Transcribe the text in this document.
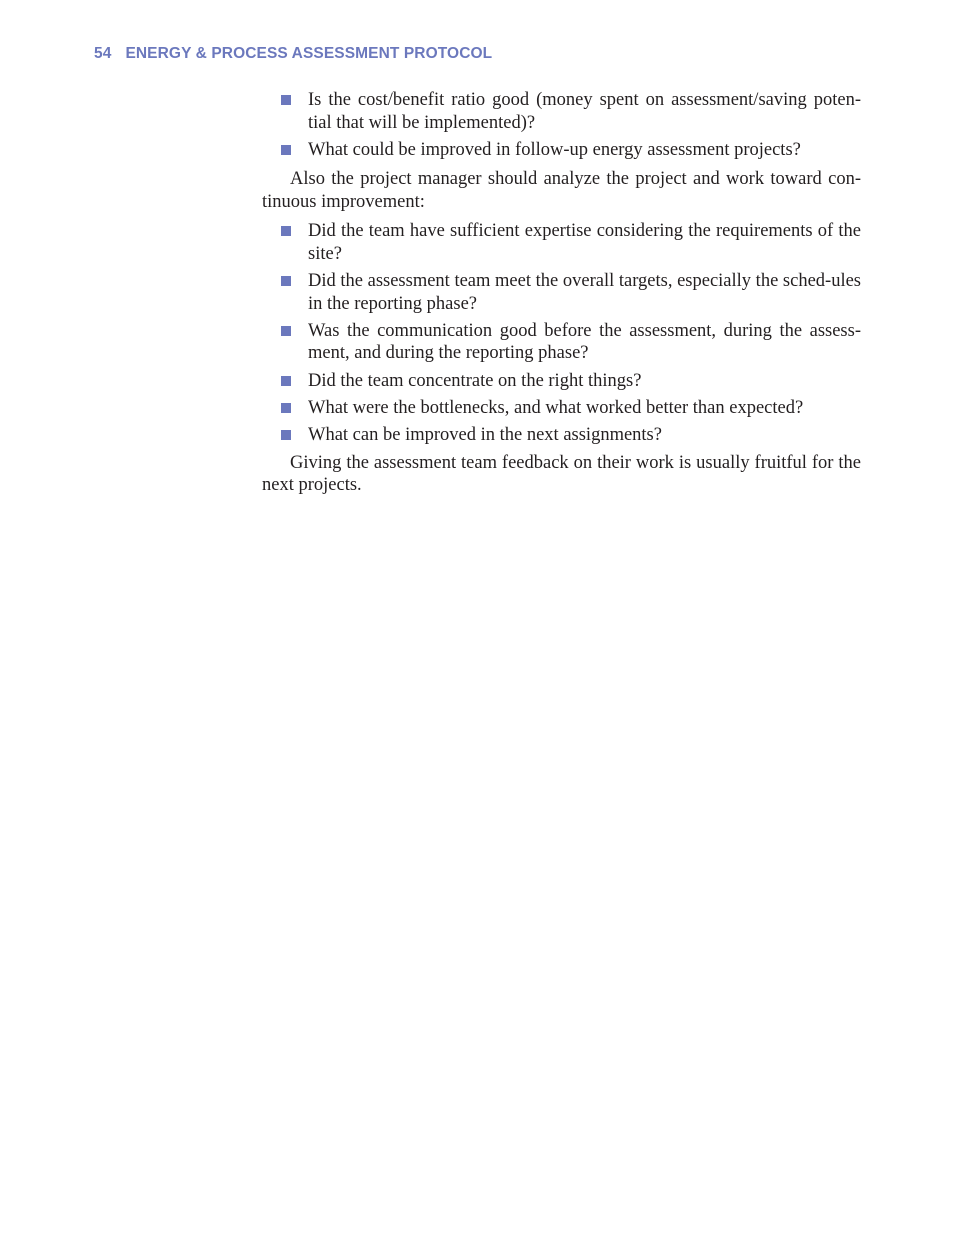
54 ENERGY & PROCESS ASSESSMENT PROTOCOL
Is the cost/benefit ratio good (money spent on assessment/saving poten-tial that will be implemented)?
What could be improved in follow-up energy assessment projects?

Also the project manager should analyze the project and work toward con-tinuous improvement:

Did the team have sufficient expertise considering the requirements of the site?
Did the assessment team meet the overall targets, especially the sched-ules in the reporting phase?
Was the communication good before the assessment, during the assess-ment, and during the reporting phase?
Did the team concentrate on the right things?
What were the bottlenecks, and what worked better than expected?
What can be improved in the next assignments?

Giving the assessment team feedback on their work is usually fruitful for the next projects.
